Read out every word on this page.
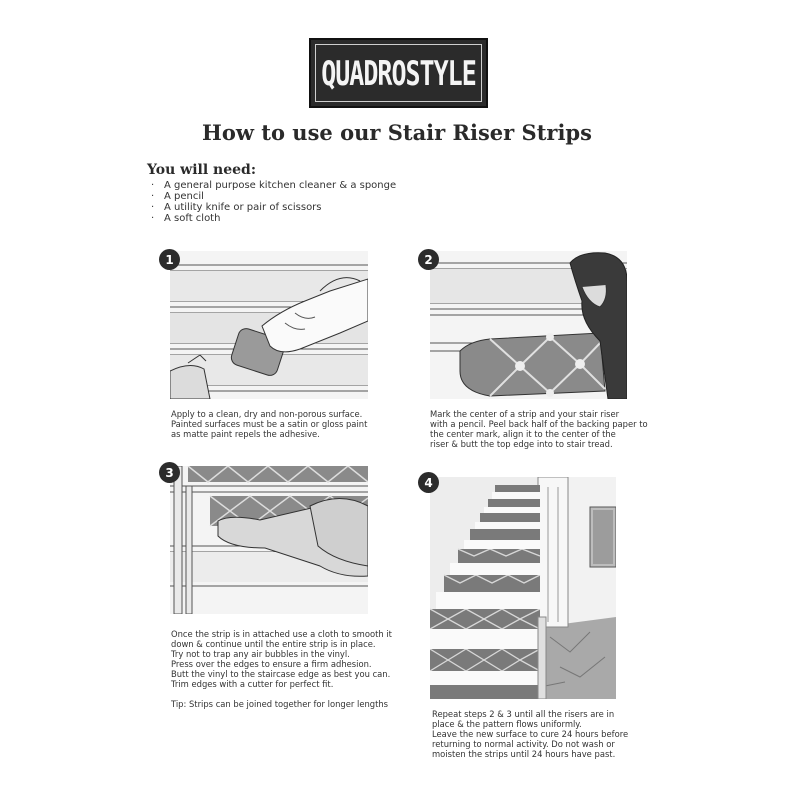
QUADROSTYLE
How to use our Stair Riser Strips
You will need:
· A general purpose kitchen cleaner & a sponge
· A pencil
· A utility knife or pair of scissors
· A soft cloth
1

Apply to a clean, dry and non-porous surface.
Painted surfaces must be a satin or gloss paint
as matte paint repels the adhesive.

2

Mark the center of a strip and your stair riser
with a pencil. Peel back half of the backing paper to
the center mark, align it to the center of the
riser & butt the top edge into to stair tread.

3

Once the strip is in attached use a cloth to smooth it
down & continue until the entire strip is in place.
Try not to trap any air bubbles in the vinyl.
Press over the edges to ensure a firm adhesion.
Butt the vinyl to the staircase edge as best you can.
Trim edges with a cutter for perfect fit.

Tip: Strips can be joined together for longer lengths

4

Repeat steps 2 & 3 until all the risers are in
place & the pattern flows uniformly.
Leave the new surface to cure 24 hours before
returning to normal activity. Do not wash or
moisten the strips until 24 hours have past.
